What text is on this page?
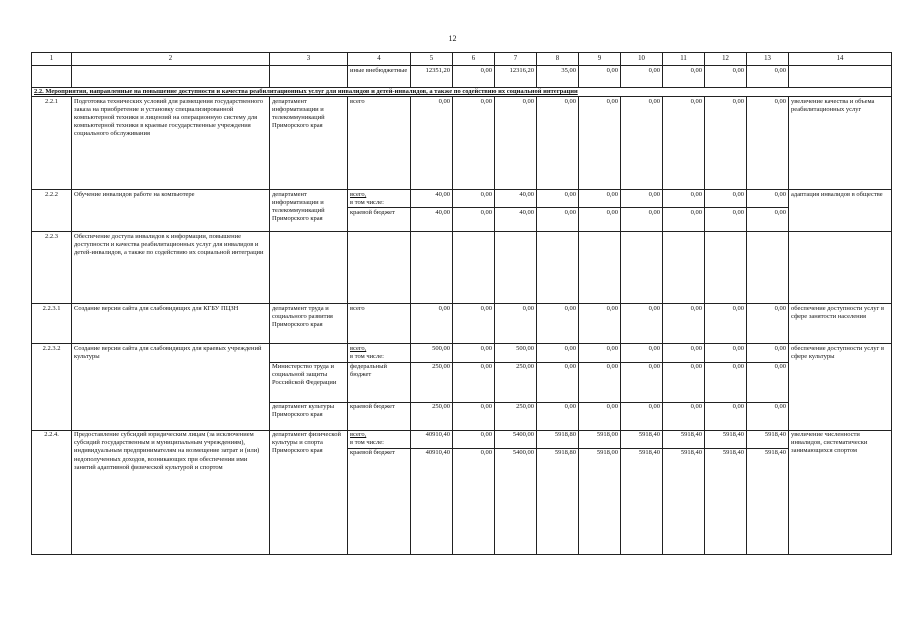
12
1	2	3	4	5	6	7	8	9	10	11	12	13	14
			иные внебюджетные	12351,20	0,00	12316,20	35,00	0,00	0,00	0,00	0,00	0,00	
2.2. Мероприятия, направленные на повышение доступности и качества реабилитационных услуг для инвалидов и детей-инвалидов, а также по содействию их социальной интеграции													
2.2.1	Подготовка технических условий для размещения государственного заказа на приобретение и установку специализированной компьютерной техники и лицензий на операционную систему для компьютерной техники в краевые государственные учреждения социального обслуживания	департамент информатизации и телекоммуникаций Приморского края	всего	0,00	0,00	0,00	0,00	0,00	0,00	0,00	0,00	0,00	увеличение качества и объема реабилитационных услуг
2.2.2	Обучение инвалидов работе на компьютере	департамент информатизации и телекоммуникаций Приморского края	всего,
в том числе:	40,00	0,00	40,00	0,00	0,00	0,00	0,00	0,00	0,00	адаптация инвалидов в обществе
			краевой бюджет	40,00	0,00	40,00	0,00	0,00	0,00	0,00	0,00	0,00	
2.2.3	Обеспечение доступа инвалидов к информации, повышение доступности и качества реабилитационных услуг для инвалидов и детей-инвалидов, а также по содействию их социальной интеграции												
2.2.3.1	Создание версии сайта для слабовидящих для КГБУ ПЦЗН	департамент труда и социального развития Приморского края	всего	0,00	0,00	0,00	0,00	0,00	0,00	0,00	0,00	0,00	обеспечение доступности услуг в сфере занятости населения
2.2.3.2	Создание версии сайта для слабовидящих для краевых учреждений культуры		всего,
в том числе:	500,00	0,00	500,00	0,00	0,00	0,00	0,00	0,00	0,00	обеспечение доступности услуг в сфере культуры
		Министерство труда и социальной защиты Российской Федерации	федеральный бюджет	250,00	0,00	250,00	0,00	0,00	0,00	0,00	0,00	0,00	
		департамент культуры Приморского края	краевой бюджет	250,00	0,00	250,00	0,00	0,00	0,00	0,00	0,00	0,00	
2.2.4.	Предоставление субсидий юридическим лицам (за исключением субсидий государственным и муниципальным учреждениям), индивидуальным предпринимателям на возмещение затрат и (или) недополученных доходов, возникающих при обеспечении ими занятий адаптивной физической культурой и спортом	департамент физической культуры и спорта Приморского края	всего,
в том числе:	40910,40	0,00	5400,00	5918,80	5918,00	5918,40	5918,40	5918,40	5918,40	увеличение численности инвалидов, систематически занимающихся спортом
			краевой бюджет	40910,40	0,00	5400,00	5918,80	5918,00	5918,40	5918,40	5918,40	5918,40	
